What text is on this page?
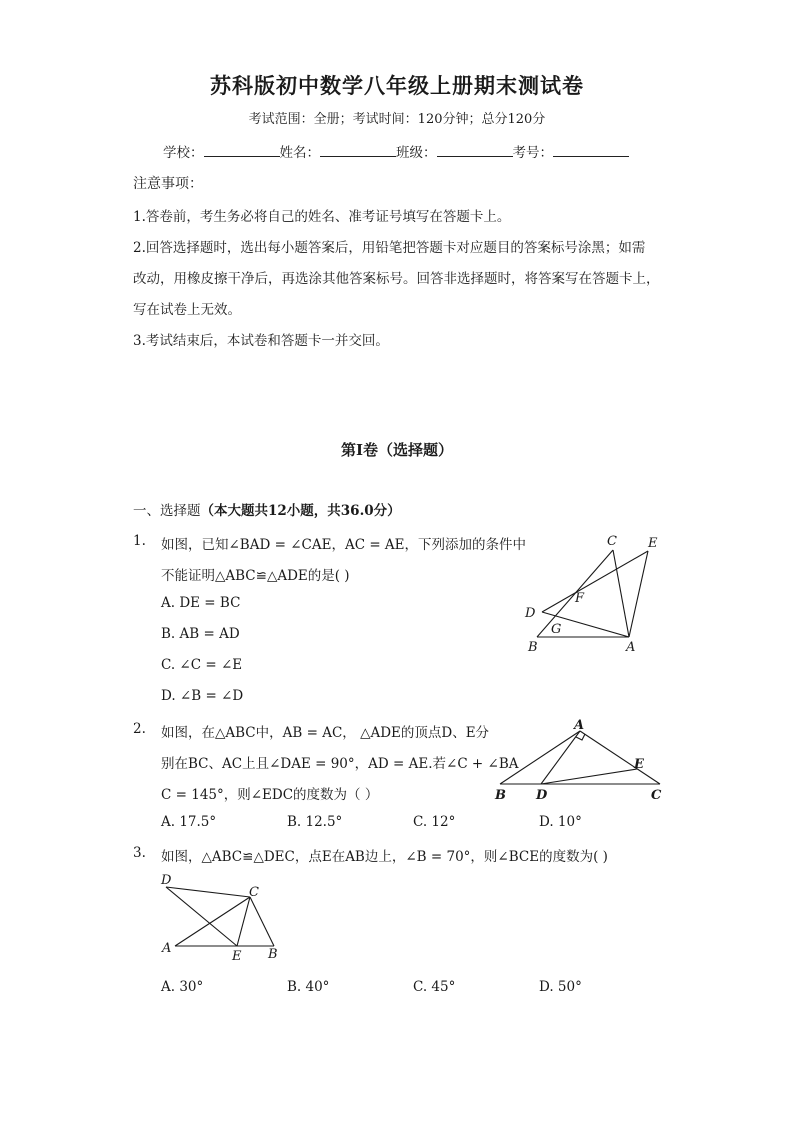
苏科版初中数学八年级上册期末测试卷
考试范围：全册；考试时间：120分钟；总分120分
学校：	姓名：	班级：	考号：
注意事项：
1.答卷前，考生务必将自己的姓名、准考证号填写在答题卡上。
2.回答选择题时，选出每小题答案后，用铅笔把答题卡对应题目的答案标号涂黑；如需
改动，用橡皮擦干净后，再选涂其他答案标号。回答非选择题时，将答案写在答题卡上，
写在试卷上无效。
3.考试结束后，本试卷和答题卡一并交回。
第Ⅰ卷（选择题）
一、选择题（本大题共12小题，共36.0分）
1. 如图，已知∠BAD = ∠CAE，AC = AE，下列添加的条件中
不能证明△ABC≌△ADE的是( )
A. DE = BC
B. AB = AD
C. ∠C = ∠E
D. ∠B = ∠D
C E
F
D
G
B	A
A
E
B D	C
D
C
A
E B
2. 如图，在△ABC中，AB = AC， △ADE的顶点D、E分
别在BC、AC上且∠DAE = 90°，AD = AE.若∠C + ∠BA
C = 145°，则∠EDC的度数为（ ）
A. 17.5°	B. 12.5°	C. 12°	D. 10°
3. 如图，△ABC≌△DEC，点E在AB边上，∠B = 70°，则∠BCE的度数为( )
A. 30°	B. 40°	C. 45°	D. 50°
